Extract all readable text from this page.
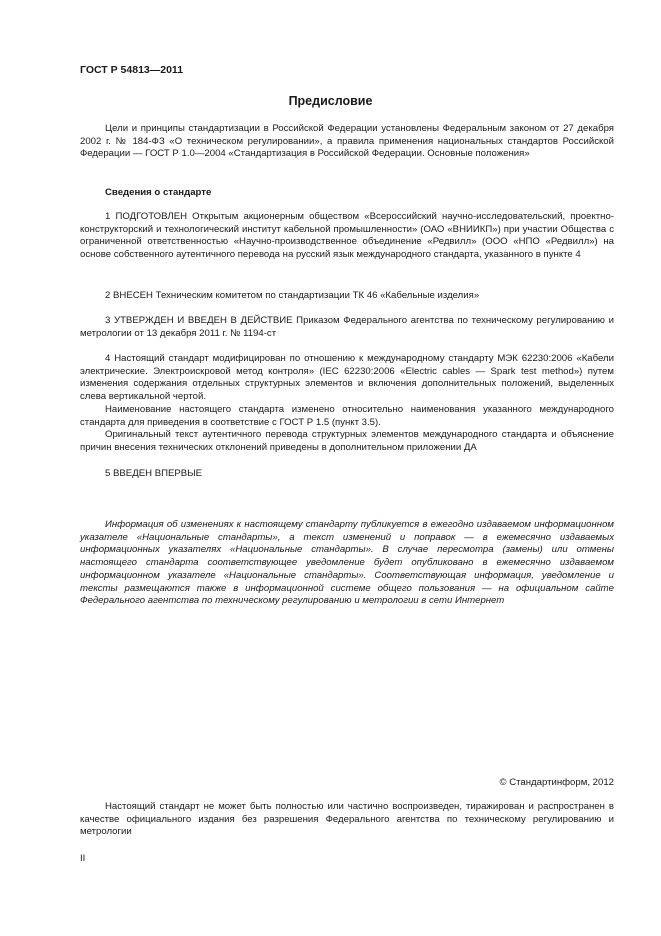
ГОСТ Р 54813—2011
Предисловие

Цели и принципы стандартизации в Российской Федерации установлены Федеральным законом от 27 декабря 2002 г. № 184-ФЗ «О техническом регулировании», а правила применения национальных стандартов Российской Федерации — ГОСТ Р 1.0—2004 «Стандартизация в Российской Федерации. Основные положения»

Сведения о стандарте

1 ПОДГОТОВЛЕН Открытым акционерным обществом «Всероссийский научно-исследовательский, проектно-конструкторский и технологический институт кабельной промышленности» (ОАО «ВНИИКП») при участии Общества с ограниченной ответственностью «Научно-производственное объединение «Редвилл» (ООО «НПО «Редвилл») на основе собственного аутентичного перевода на русский язык международного стандарта, указанного в пункте 4

2 ВНЕСЕН Техническим комитетом по стандартизации ТК 46 «Кабельные изделия»

3 УТВЕРЖДЕН И ВВЕДЕН В ДЕЙСТВИЕ Приказом Федерального агентства по техническому регулированию и метрологии от 13 декабря 2011 г. № 1194-ст

4 Настоящий стандарт модифицирован по отношению к международному стандарту МЭК 62230:2006 «Кабели электрические. Электроискровой метод контроля» (IEC 62230:2006 «Electric cables — Spark test method») путем изменения содержания отдельных структурных элементов и включения дополнительных положений, выделенных слева вертикальной чертой.

Наименование настоящего стандарта изменено относительно наименования указанного международного стандарта для приведения в соответствие с ГОСТ Р 1.5 (пункт 3.5).

Оригинальный текст аутентичного перевода структурных элементов международного стандарта и объяснение причин внесения технических отклонений приведены в дополнительном приложении ДА

5 ВВЕДЕН ВПЕРВЫЕ

Информация об изменениях к настоящему стандарту публикуется в ежегодно издаваемом информационном указателе «Национальные стандарты», а текст изменений и поправок — в ежемесячно издаваемых информационных указателях «Национальные стандарты». В случае пересмотра (замены) или отмены настоящего стандарта соответствующее уведомление будет опубликовано в ежемесячно издаваемом информационном указателе «Национальные стандарты». Соответствующая информация, уведомление и тексты размещаются также в информационной системе общего пользования — на официальном сайте Федерального агентства по техническому регулированию и метрологии в сети Интернет

© Стандартинформ, 2012

Настоящий стандарт не может быть полностью или частично воспроизведен, тиражирован и распространен в качестве официального издания без разрешения Федерального агентства по техническому регулированию и метрологии

II
